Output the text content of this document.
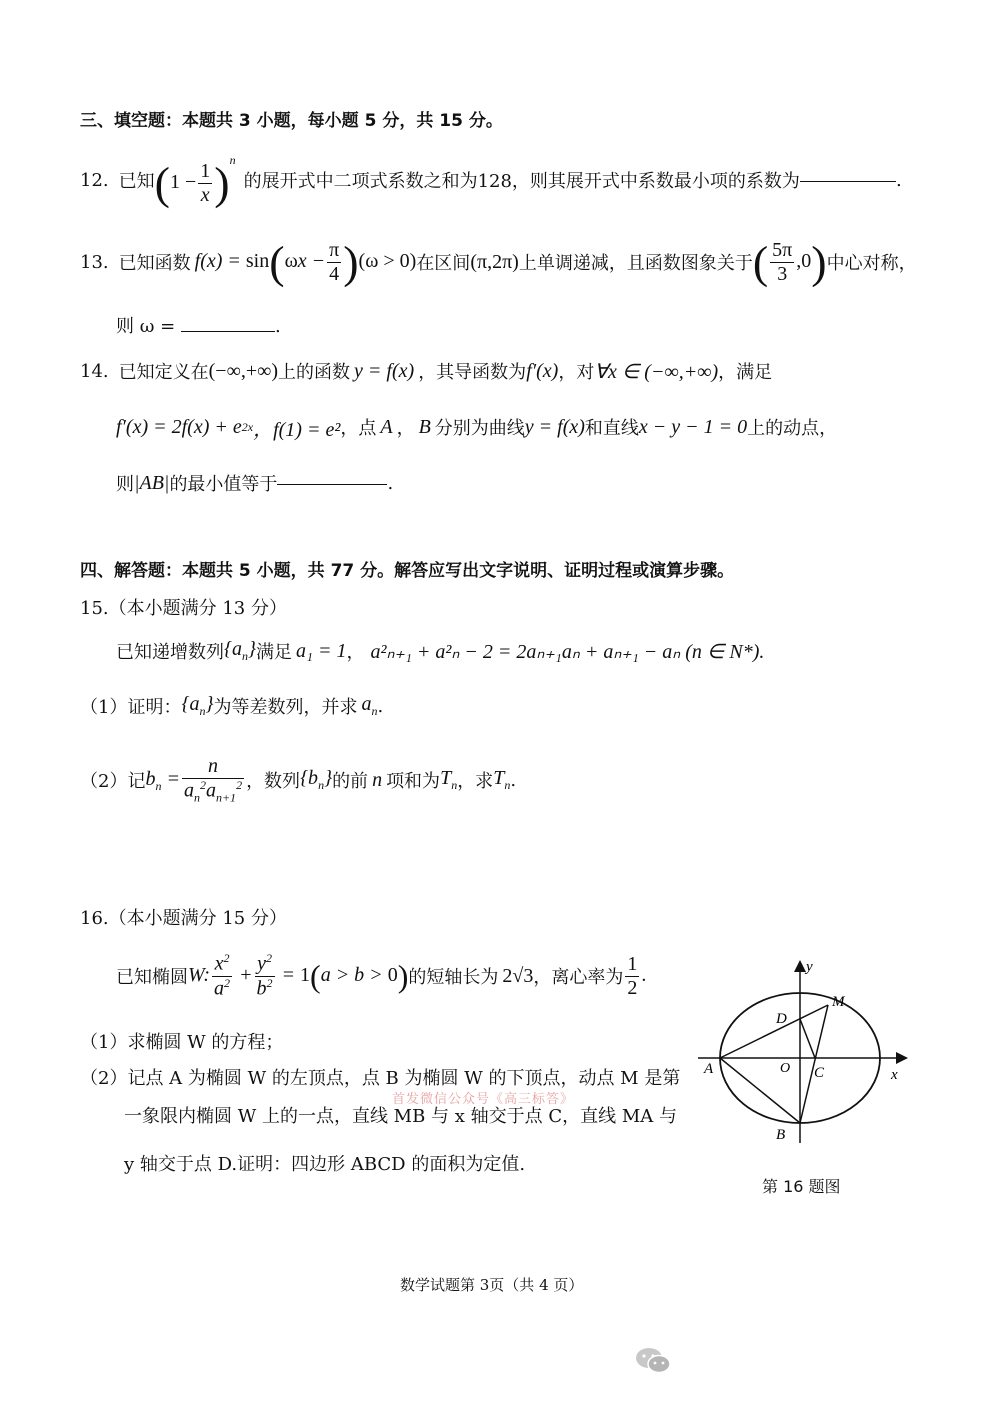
三、填空题：本题共 3 小题，每小题 5 分，共 15 分。
12. 已知 $(1 - \frac{1}{x} )^n$
的展开式中二项式系数之和为128，则其展开式中系数最小项的系数为	.
13. 已知函数 $f(x) = \sin(\omega x - \frac{\pi}{4} )(\omega > 0)$ 在区间 (π,2π) 上单调递减，且函数图象关于 ( $\frac{5\pi}{3} ,0$) 中心对称，
则 ω =	.
14. 已知定义在 (−∞,+∞) 上的函数 y = f(x) ，其导函数为 f′(x) ，对 ∀x ∈ (−∞,+∞) ，满足
f′(x) = 2f(x) + e 2x ，f(1) = e² ，点 A ， B 分别为曲线 y = f(x) 和直线 x − y − 1 = 0 上的动点，
则 |AB| 的最小值等于	.
四、解答题：本题共 5 小题，共 77 分。解答应写出文字说明、证明过程或演算步骤。
15.（本小题满分 13 分）
已知递增数列 $\{a_n\}$ 满足 a₁ = 1 ， a²ₙ₊₁ + a²ₙ − 2 = 2aₙ₊₁aₙ + aₙ₊₁ − aₙ (n ∈ N*).
（1）证明： $\{a_n\}$ 为等差数列，并求 $a_n$ .
（2）记 $b_n = \frac{n}{a_n^2a_{n+1}^2}$ ，数列 $\{b_n\}$ 的前 n 项和为 $T_n$ ，求 $T_n$ .
16.（本小题满分 15 分）
已知椭圆 W: $\frac{x^2}{a^2} + \frac{y^2}{b^2} = 1(a > b > 0)$ 的短轴长为 2√3 ，离心率为 $\frac{1}{2}$ .
（1）求椭圆 W 的方程；
（2）记点 A 为椭圆 W 的左顶点，点 B 为椭圆 W 的下顶点，动点 M 是第
首发微信公众号《高三标答》
一象限内椭圆 W 上的一点，直线 MB 与 x 轴交于点 C，直线 MA 与
y 轴交于点 D.证明：四边形 ABCD 的面积为定值.
y
x
M
D
A	O C
B
第 16 题图
数学试题第 3页（共 4 页）
